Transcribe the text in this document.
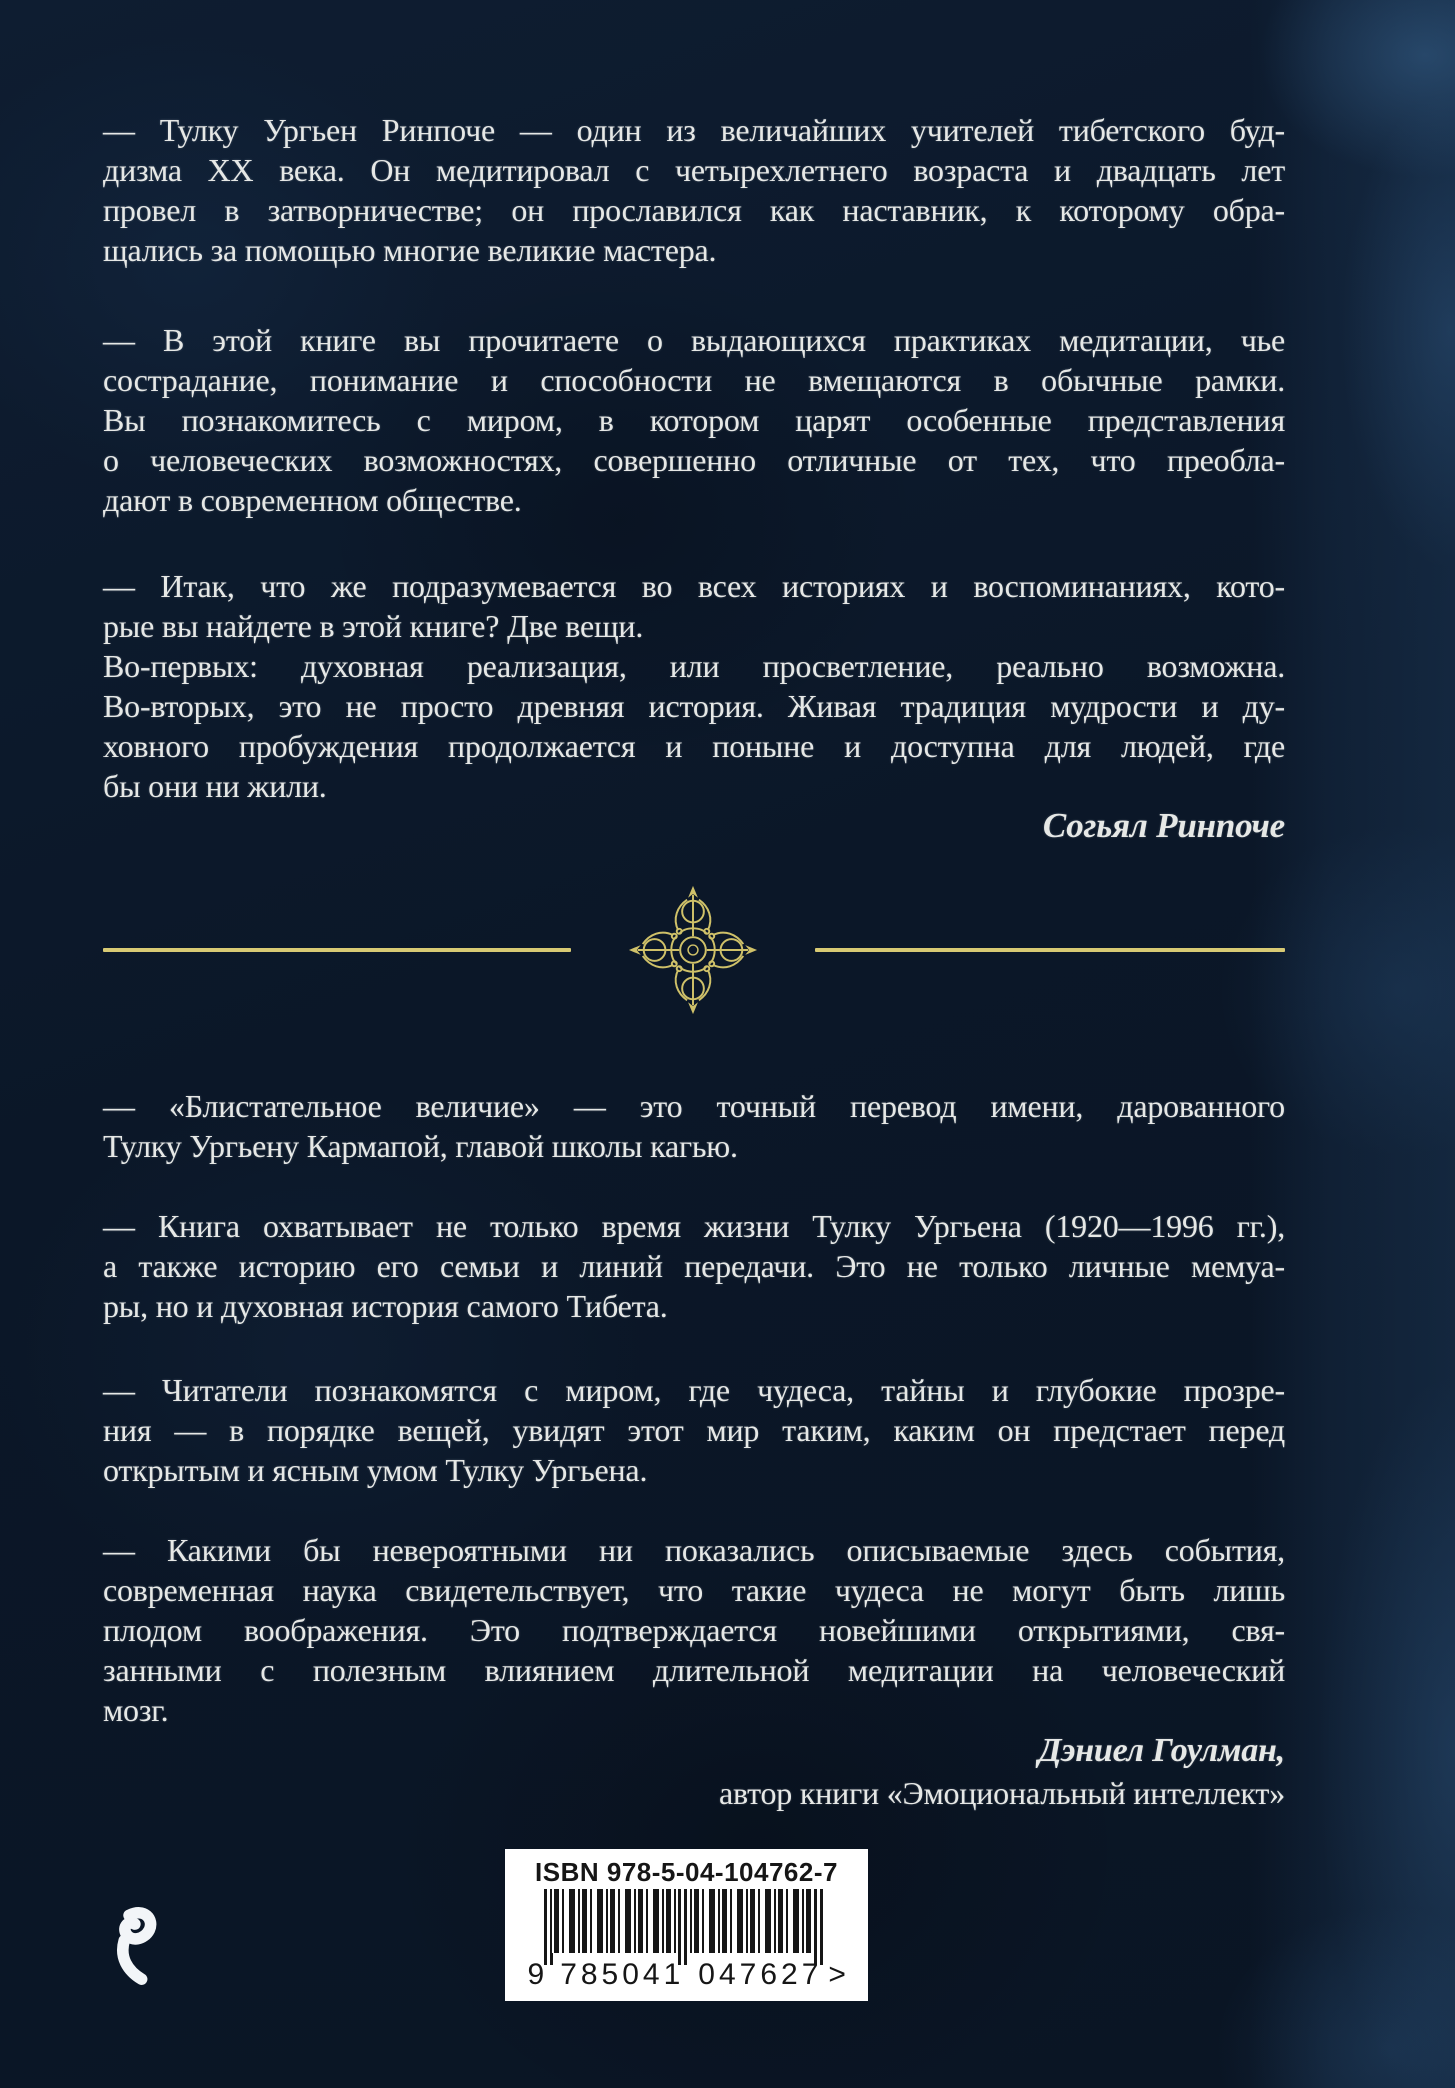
— Тулку Ургьен Ринпоче — один из величайших учителей тибетского буд-
дизма XX века. Он медитировал с четырехлетнего возраста и двадцать лет
провел в затворничестве; он прославился как наставник, к которому обра-
щались за помощью многие великие мастера.
— В этой книге вы прочитаете о выдающихся практиках медитации, чье
сострадание, понимание и способности не вмещаются в обычные рамки.
Вы познакомитесь с миром, в котором царят особенные представления
о человеческих возможностях, совершенно отличные от тех, что преобла-
дают в современном обществе.
— Итак, что же подразумевается во всех историях и воспоминаниях, кото-
рые вы найдете в этой книге? Две вещи.
Во-первых: духовная реализация, или просветление, реально возможна.
Во-вторых, это не просто древняя история. Живая традиция мудрости и ду-
ховного пробуждения продолжается и поныне и доступна для людей, где
бы они ни жили.
Согьял Ринпоче
— «Блистательное величие» — это точный перевод имени, дарованного
Тулку Ургьену Кармапой, главой школы кагью.
— Книга охватывает не только время жизни Тулку Ургьена (1920—1996 гг.),
а также историю его семьи и линий передачи. Это не только личные мемуа-
ры, но и духовная история самого Тибета.
— Читатели познакомятся с миром, где чудеса, тайны и глубокие прозре-
ния — в порядке вещей, увидят этот мир таким, каким он предстает перед
открытым и ясным умом Тулку Ургьена.
— Какими бы невероятными ни показались описываемые здесь события,
современная наука свидетельствует, что такие чудеса не могут быть лишь
плодом воображения. Это подтверждается новейшими открытиями, свя-
занными с полезным влиянием длительной медитации на человеческий
мозг.
Дэниел Гоулман,
автор книги «Эмоциональный интеллект»
ISBN 978-5-04-104762-7
9 785041 047627 >
